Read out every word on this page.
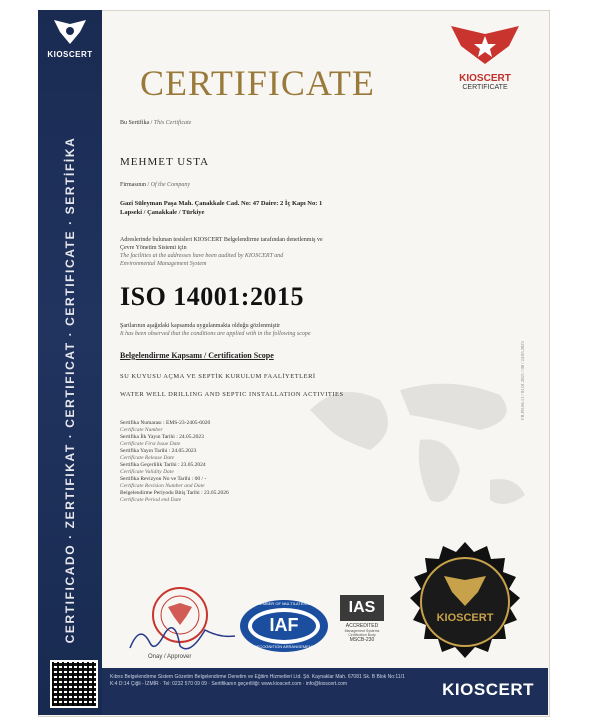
KIOSCERT
CERTIFICADO · ZERTIFIKAT · CERTIFICAT · CERTIFICATE · SERTİFİKA
CERTIFICATE	KIOSCERT
CERTIFICATE
Bu Sertifika / This Certificate
MEHMET USTA
Firmasının / Of the Company
Gazi Süleyman Paşa Mah. Çanakkale Cad. No: 47 Daire: 2 İç Kapı No: 1
Lapseki / Çanakkale / Türkiye
Adreslerinde bulunan tesisleri KIOSCERT Belgelendirme tarafından denetlenmiş ve
Çevre Yönetim Sistemi için
The facilities at the addresses have been audited by KIOSCERT and
Environmental Management System
ISO 14001:2015
Şartlarının aşağıdaki kapsamda uygulanmakta olduğu gözlenmiştir
It has been observed that the conditions are applied with in the following scope
Belgelendirme Kapsamı / Certification Scope
SU KUYUSU AÇMA VE SEPTİK KURULUM FAALİYETLERİ
WATER WELL DRILLING AND SEPTIC INSTALLATION ACTIVITIES
Sertifika Numarası : EMS-23-2405-6020
Certificate Number
Sertifika İlk Yayın Tarihi : 24.05.2023
Certificate First Issue Date
Sertifika Yayın Tarihi : 24.05.2023
Certificate Release Date
Sertifika Geçerlilik Tarihi : 23.05.2024
Certificate Validity Date
Sertifika Revizyon No ve Tarihi : 00 / -
Certificate Revision Number and Date
Belgelendirme Periyodu Bitiş Tarihi : 23.05.2026
Certificate Period end Date
FR.PR.06.11 / 01.01.2021 / 00 / 24.05.2023
Onay / Approver
IAF
MEMBER OF MULTILATERAL
RECOGNITION ARRANGEMENT
IAS
ACCREDITED
Management Systems
Certification Body
MSCB-230
KIOSCERT
Kıbrıs Belgelendirme Sistem Gözetim Belgelendirme Denetim ve Eğitim Hizmetleri Ltd. Şti. Kaynaklar Mah. 67081 Sk. B Blok No:11/1 K:4 D:14 Çiğli - İZMİR · Tel: 0232 570 09 09 · Sertifikanın geçerliliği: www.kioscert.com · info@kioscert.com	KIOSCERT
